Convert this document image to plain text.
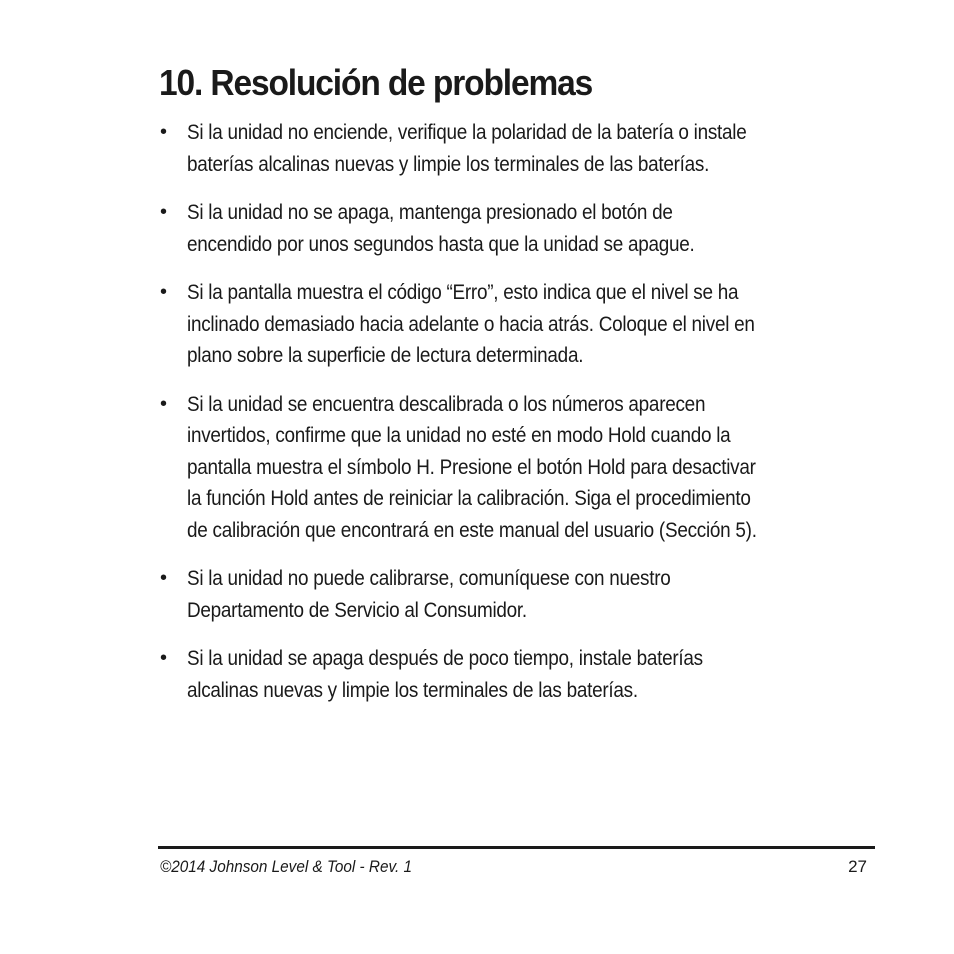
10. Resolución de problemas
• Si la unidad no enciende, verifique la polaridad de la batería o instale
baterías alcalinas nuevas y limpie los terminales de las baterías.
• Si la unidad no se apaga, mantenga presionado el botón de
encendido por unos segundos hasta que la unidad se apague.
• Si la pantalla muestra el código “Erro”, esto indica que el nivel se ha
inclinado demasiado hacia adelante o hacia atrás. Coloque el nivel en
plano sobre la superficie de lectura determinada.
• Si la unidad se encuentra descalibrada o los números aparecen
invertidos, confirme que la unidad no esté en modo Hold cuando la
pantalla muestra el símbolo H. Presione el botón Hold para desactivar
la función Hold antes de reiniciar la calibración. Siga el procedimiento
de calibración que encontrará en este manual del usuario (Sección 5).
• Si la unidad no puede calibrarse, comuníquese con nuestro
Departamento de Servicio al Consumidor.
• Si la unidad se apaga después de poco tiempo, instale baterías
alcalinas nuevas y limpie los terminales de las baterías.
©2014 Johnson Level & Tool - Rev. 1	27
